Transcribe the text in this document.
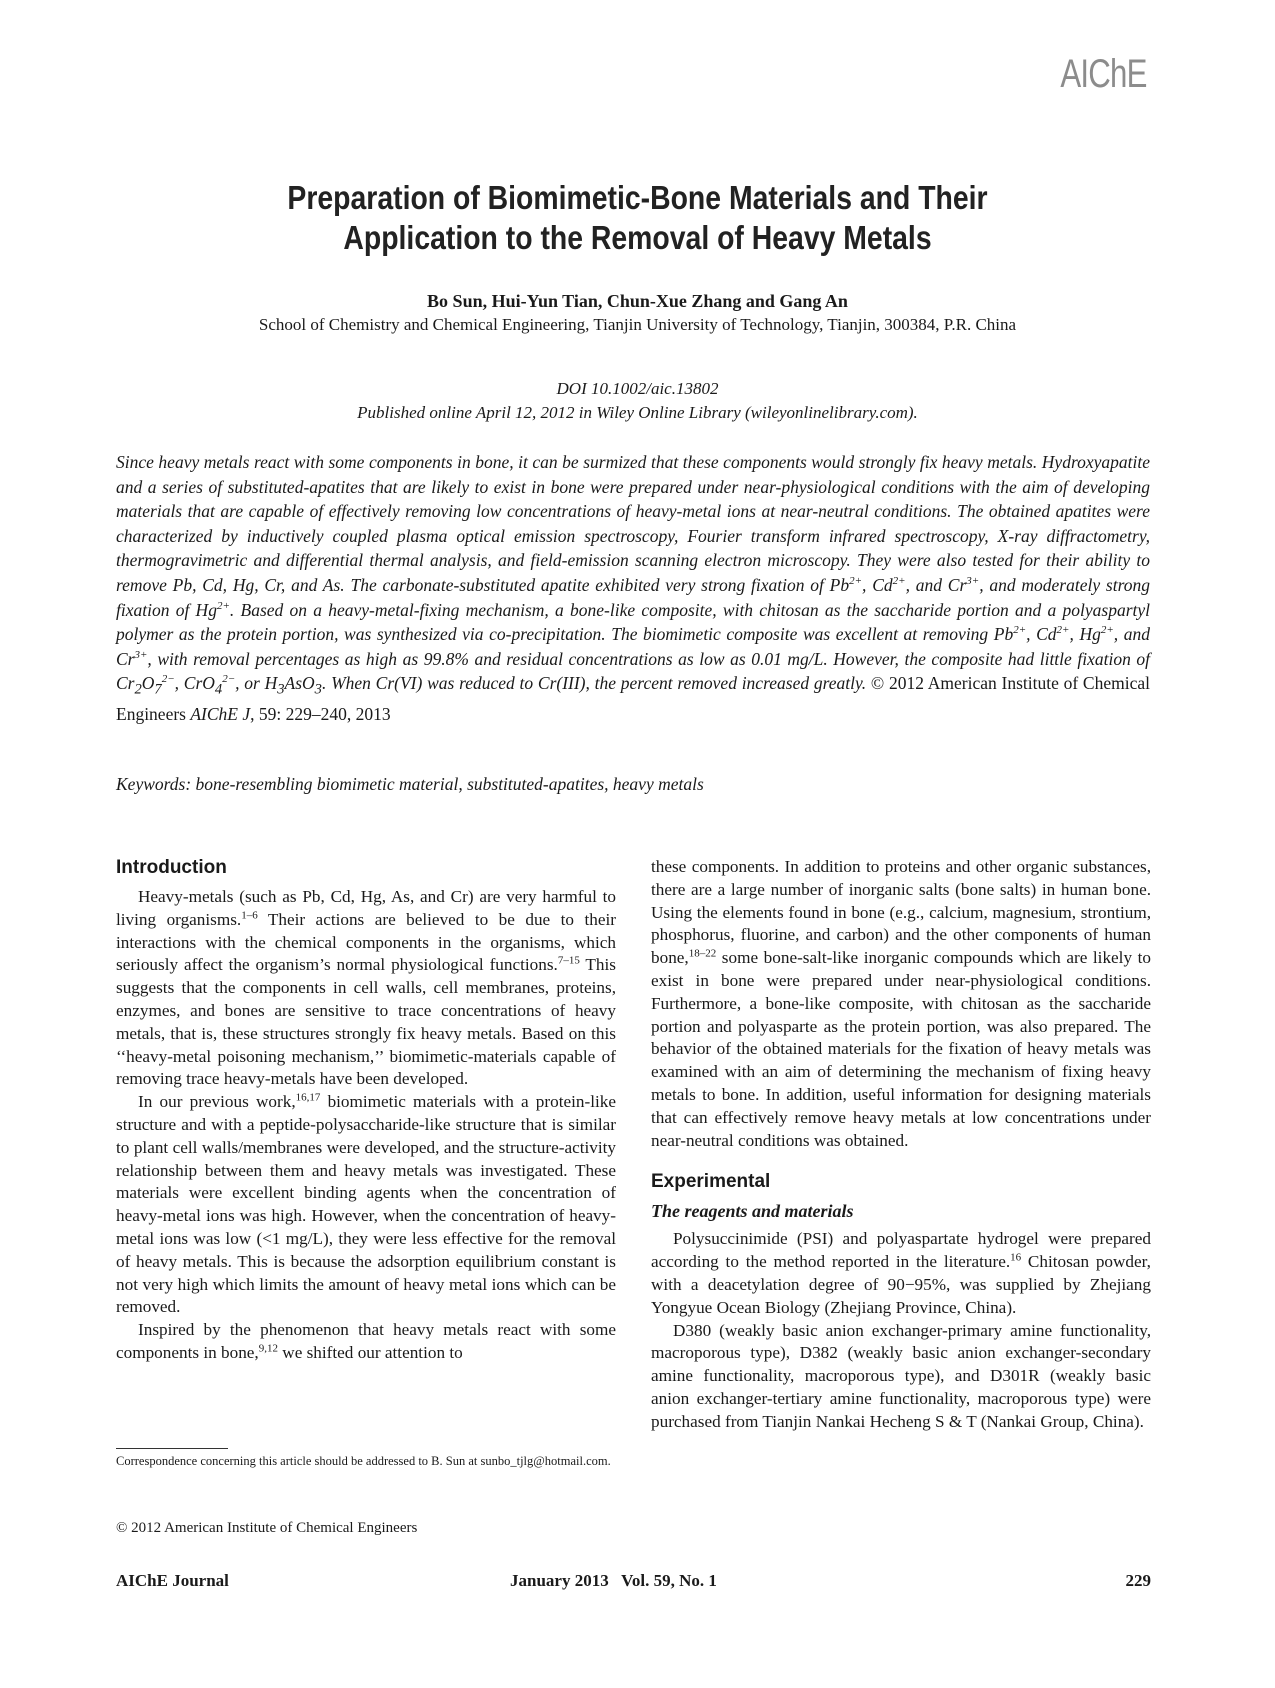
AIChE
Preparation of Biomimetic-Bone Materials and Their
Application to the Removal of Heavy Metals
Bo Sun, Hui-Yun Tian, Chun-Xue Zhang and Gang An
School of Chemistry and Chemical Engineering, Tianjin University of Technology, Tianjin, 300384, P.R. China
DOI 10.1002/aic.13802
Published online April 12, 2012 in Wiley Online Library (wileyonlinelibrary.com).
Since heavy metals react with some components in bone, it can be surmized that these components would strongly fix heavy metals. Hydroxyapatite and a series of substituted-apatites that are likely to exist in bone were prepared under near-physiological conditions with the aim of developing materials that are capable of effectively removing low concentrations of heavy-metal ions at near-neutral conditions. The obtained apatites were characterized by inductively coupled plasma optical emission spectroscopy, Fourier transform infrared spectroscopy, X-ray diffractometry, thermogravimetric and differential thermal analysis, and field-emission scanning electron microscopy. They were also tested for their ability to remove Pb, Cd, Hg, Cr, and As. The carbonate-substituted apatite exhibited very strong fixation of $Pb^{2+}$, $Cd^{2+}$, and $Cr^{3+}$, and moderately strong fixation of $Hg^{2+}$. Based on a heavy-metal-fixing mechanism, a bone-like composite, with chitosan as the saccharide portion and a polyaspartyl polymer as the protein portion, was synthesized via co-precipitation. The biomimetic composite was excellent at removing $Pb^{2+}$, $Cd^{2+}$, $Hg^{2+}$, and $Cr^{3+}$, with removal percentages as high as 99.8% and residual concentrations as low as 0.01 mg/L. However, the composite had little fixation of $Cr_2O_7^{2-}$, CrO$_4^{2-}$, or $H_3AsO_3$. When Cr(VI) was reduced to Cr(III), the percent removed increased greatly. © 2012 American Institute of Chemical Engineers AIChE J, 59: 229–240, 2013
Keywords: bone-resembling biomimetic material, substituted-apatites, heavy metals
Introduction

Heavy-metals (such as Pb, Cd, Hg, As, and Cr) are very harmful to living organisms.$^{1-6}$ Their actions are believed to be due to their interactions with the chemical components in the organisms, which seriously affect the organism’s normal physiological functions.$^{7-15}$ This suggests that the components in cell walls, cell membranes, proteins, enzymes, and bones are sensitive to trace concentrations of heavy metals, that is, these structures strongly fix heavy metals. Based on this ‘‘heavy-metal poisoning mechanism,’’ biomimetic-materials capable of removing trace heavy-metals have been developed.

In our previous work,$^{16,17}$ biomimetic materials with a protein-like structure and with a peptide-polysaccharide-like structure that is similar to plant cell walls/membranes were developed, and the structure-activity relationship between them and heavy metals was investigated. These materials were excellent binding agents when the concentration of heavy-metal ions was high. However, when the concentration of heavy-metal ions was low (<1 mg/L), they were less effective for the removal of heavy metals. This is because the adsorption equilibrium constant is not very high which limits the amount of heavy metal ions which can be removed.

Inspired by the phenomenon that heavy metals react with some components in bone,$^{9,12}$ we shifted our attention to

these components. In addition to proteins and other organic substances, there are a large number of inorganic salts (bone salts) in human bone. Using the elements found in bone (e.g., calcium, magnesium, strontium, phosphorus, fluorine, and carbon) and the other components of human bone,$^{18-22}$ some bone-salt-like inorganic compounds which are likely to exist in bone were prepared under near-physiological conditions. Furthermore, a bone-like composite, with chitosan as the saccharide portion and polyasparte as the protein portion, was also prepared. The behavior of the obtained materials for the fixation of heavy metals was examined with an aim of determining the mechanism of fixing heavy metals to bone. In addition, useful information for designing materials that can effectively remove heavy metals at low concentrations under near-neutral conditions was obtained.

Experimental
The reagents and materials

Polysuccinimide (PSI) and polyaspartate hydrogel were prepared according to the method reported in the literature.$^{16}$ Chitosan powder, with a deacetylation degree of 90−95%, was supplied by Zhejiang Yongyue Ocean Biology (Zhejiang Province, China).

D380 (weakly basic anion exchanger-primary amine functionality, macroporous type), D382 (weakly basic anion exchanger-secondary amine functionality, macroporous type), and D301R (weakly basic anion exchanger-tertiary amine functionality, macroporous type) were purchased from Tianjin Nankai Hecheng S & T (Nankai Group, China).

Correspondence concerning this article should be addressed to B. Sun at sunbo_tjlg@hotmail.com.
© 2012 American Institute of Chemical Engineers
AIChE Journal	January 2013   Vol. 59, No. 1	229
